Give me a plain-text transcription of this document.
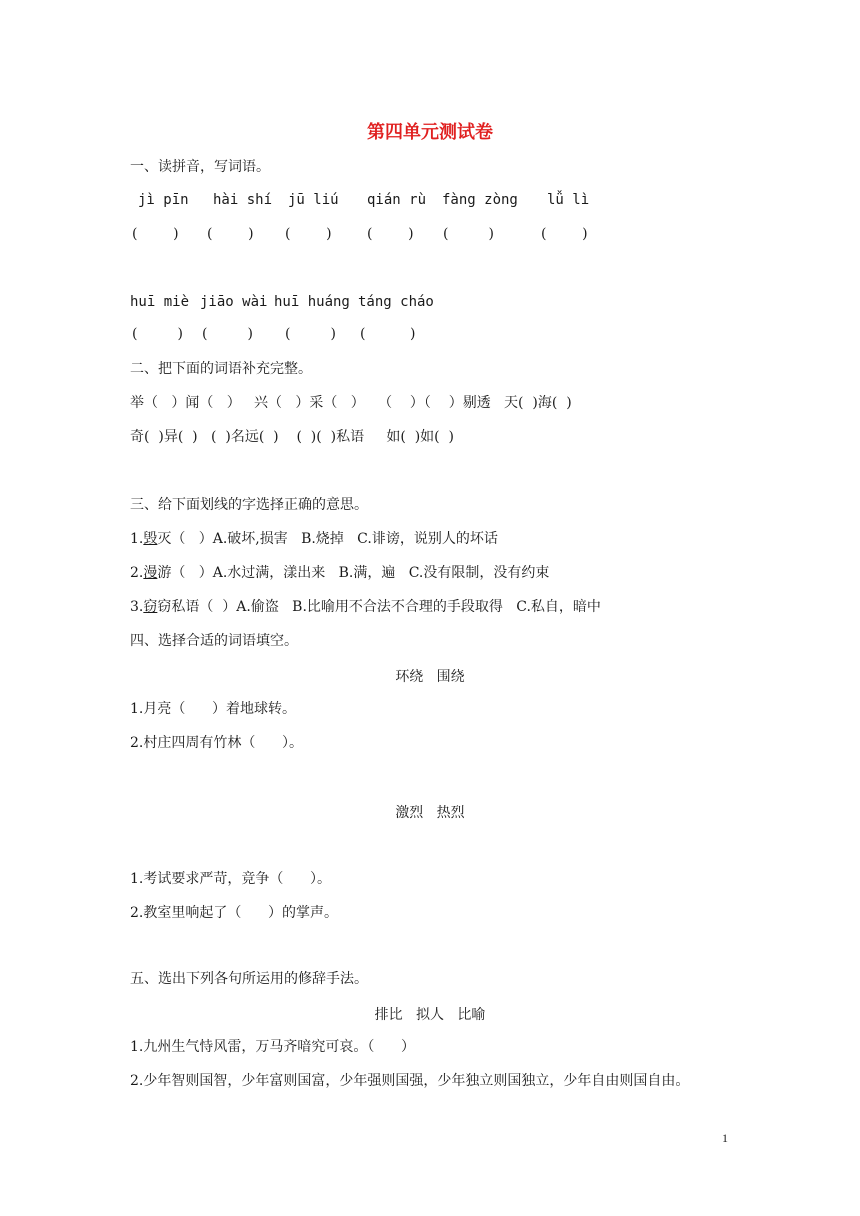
第四单元测试卷
一、读拼音，写词语。
jì pīn hài shí jū liú qián rù fàng zòng lǚ lì
(        ) (        ) (        )	(        ) (         )	(        )
huī miè jiāo wài huī huáng táng cháo
(         ) (         ) (         ) (          )
二、把下面的词语补充完整。
举（   ）闻（   ）   兴（   ）采（   ）   （    ）（    ）剔透   天(  )海(  )
奇(  )异(  )   (  )名远(  )    (  )(  )私语     如(  )如(  )
三、给下面划线的字选择正确的意思。
1.毁灭（   ）A.破坏,损害   B.烧掉   C.诽谤，说别人的坏话
2.漫游（   ）A.水过满，漾出来   B.满，遍   C.没有限制，没有约束
3.窃窃私语（  ）A.偷盗   B.比喻用不合法不合理的手段取得   C.私自，暗中
四、选择合适的词语填空。
环绕   围绕
1.月亮（      ）着地球转。
2.村庄四周有竹林（      ）。
激烈   热烈
1.考试要求严苛，竞争（      ）。
2.教室里响起了（      ）的掌声。
五、选出下列各句所运用的修辞手法。
排比   拟人   比喻
1.九州生气恃风雷，万马齐喑究可哀。（      ）
2.少年智则国智，少年富则国富，少年强则国强，少年独立则国独立，少年自由则国自由。
1
